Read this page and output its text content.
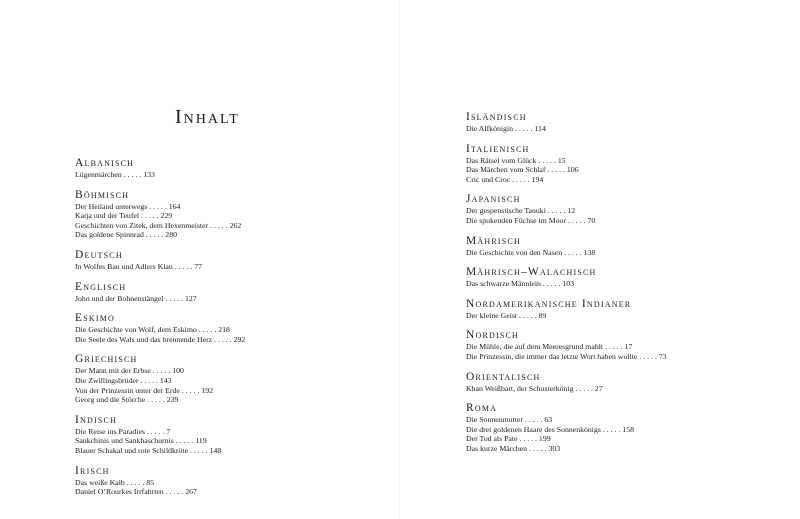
Inhalt
Albanisch
Lügenmärchen . . . . . 133
Böhmisch
Der Heiland unterwegs . . . . . 164
Katja und der Teufel . . . . . 229
Geschichten von Zitek, dem Hexenmeister . . . . . 262
Das goldene Spinnrad . . . . . 280
Deutsch
In Wolfes Bau und Adlers Klau . . . . . 77
Englisch
John und der Bohnenstängel . . . . . 127
Eskimo
Die Geschichte von Wolf, dem Eskimo . . . . . 218
Die Seele des Wals und das brennende Herz . . . . . 292
Griechisch
Der Mann mit der Erbse . . . . . 100
Die Zwillingsbrüder . . . . . 143
Von der Prinzessin unter der Erde . . . . . 192
Georg und die Störche . . . . . 239
Indisch
Die Reise ins Paradies . . . . . 7
Sankchinis und Sankhaschurnis . . . . . 119
Blauer Schakal und rote Schildkröte . . . . . 148
Irisch
Das weiße Kalb . . . . . 85
Daniel O’Rourkes Irrfahrten . . . . . 267
Isländisch
Die Alfkönigin . . . . . 114
Italienisch
Das Rätsel vom Glück . . . . . 15
Das Märchen vom Schlaf . . . . . 106
Cric und Croc . . . . . 194
Japanisch
Der gespenstische Tanuki . . . . . 12
Die spukenden Füchse im Moor . . . . . 70
Mährisch
Die Geschichte von den Nasen . . . . . 138
Mährisch–Walachisch
Das schwarze Männlein . . . . . 103
Nordamerikanische Indianer
Der kleine Geist . . . . . 89
Nordisch
Die Mühle, die auf dem Meeresgrund mahlt . . . . . 17
Die Prinzessin, die immer das letzte Wort haben wollte . . . . . 73
Orientalisch
Khan Weißbart, der Schusterkönig . . . . . 27
Roma
Die Sonnenmutter . . . . . 63
Die drei goldenen Haare des Sonnenkönigs . . . . . 158
Der Tod als Pate . . . . . 199
Das kurze Märchen . . . . . 303
